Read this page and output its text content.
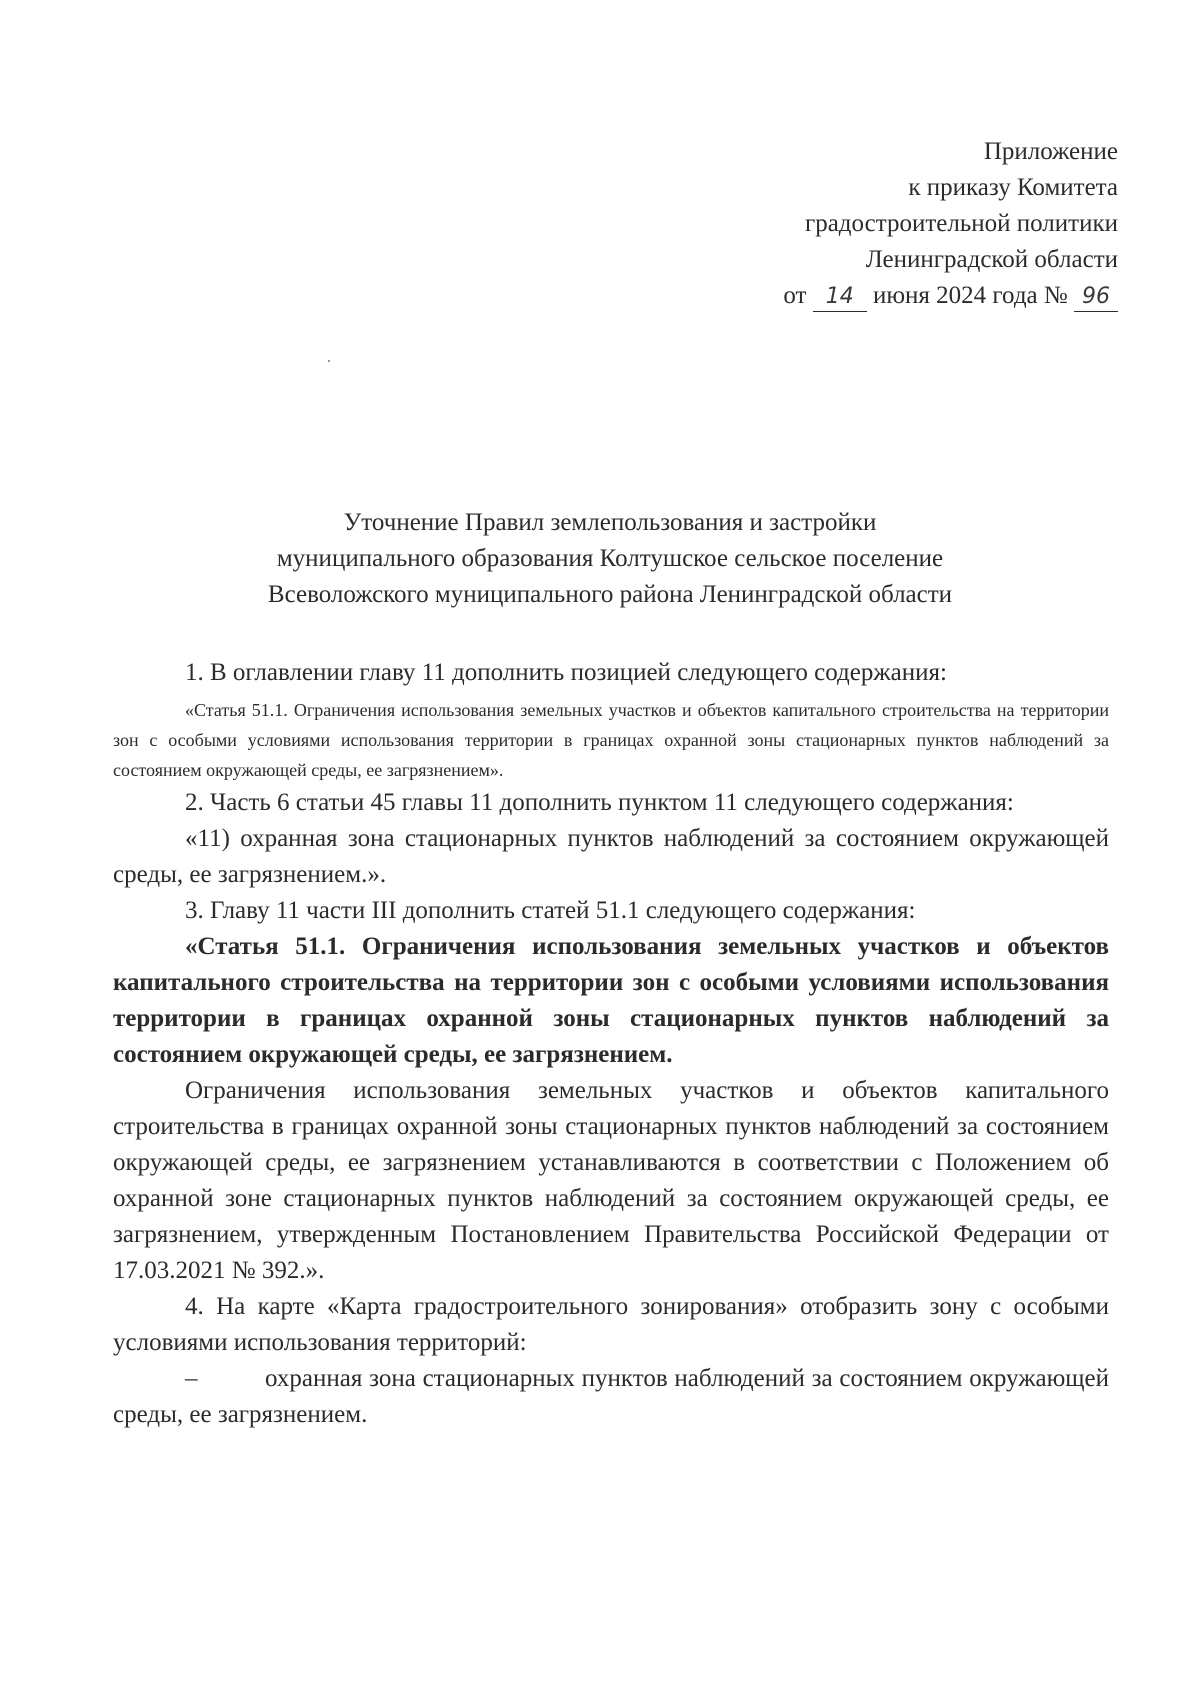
Приложение
к приказу Комитета
градостроительной политики
Ленинградской области
от 14 июня 2024 года № 96
Уточнение Правил землепользования и застройки
муниципального образования Колтушское сельское поселение
Всеволожского муниципального района Ленинградской области

1. В оглавлении главу 11 дополнить позицией следующего содержания:

«Статья 51.1. Ограничения использования земельных участков и объектов капитального строительства на территории зон с особыми условиями использования территории в границах охранной зоны стационарных пунктов наблюдений за состоянием окружающей среды, ее загрязнением».

2. Часть 6 статьи 45 главы 11 дополнить пунктом 11 следующего содержания:

«11) охранная зона стационарных пунктов наблюдений за состоянием окружающей среды, ее загрязнением.».

3. Главу 11 части III дополнить статей 51.1 следующего содержания:

«Статья 51.1. Ограничения использования земельных участков и объектов капитального строительства на территории зон с особыми условиями использования территории в границах охранной зоны стационарных пунктов наблюдений за состоянием окружающей среды, ее загрязнением.

Ограничения использования земельных участков и объектов капитального строительства в границах охранной зоны стационарных пунктов наблюдений за состоянием окружающей среды, ее загрязнением устанавливаются в соответствии с Положением об охранной зоне стационарных пунктов наблюдений за состоянием окружающей среды, ее загрязнением, утвержденным Постановлением Правительства Российской Федерации от 17.03.2021 № 392.».

4. На карте «Карта градостроительного зонирования» отобразить зону с особыми условиями использования территорий:

–	охранная зона стационарных пунктов наблюдений за состоянием окружающей среды, ее загрязнением.
